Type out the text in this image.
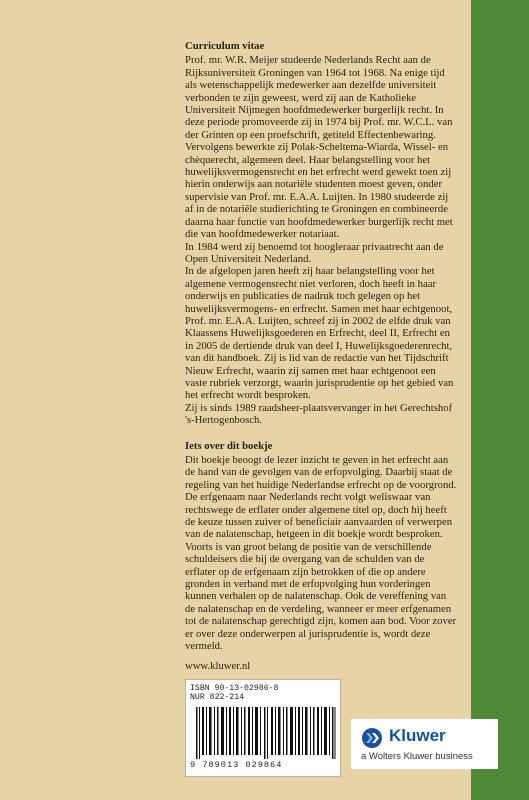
Curriculum vitae

Prof. mr. W.R. Meijer studeerde Nederlands Recht aan de Rijksuniversiteit Groningen van 1964 tot 1968. Na enige tijd als wetenschappelijk medewerker aan dezelfde universiteit verbonden te zijn geweest, werd zij aan de Katholieke Universiteit Nijmegen hoofdmedewerker burgerlijk recht. In deze periode promoveerde zij in 1974 bij Prof. mr. W.C.L. van der Grinten op een proefschrift, getiteld Effectenbewaring. Vervolgens bewerkte zij Polak-Scheltema-Wiarda, Wissel- en chèquerecht, algemeen deel. Haar belangstelling voor het huwelijksvermogensrecht en het erfrecht werd gewekt toen zij hierin onderwijs aan notariële studenten moest geven, onder supervisie van Prof. mr. E.A.A. Luijten. In 1980 studeerde zij af in de notariële studierichting te Groningen en combineerde daarna haar functie van hoofdmedewerker burgerlijk recht met die van hoofdmedewerker notariaat.

In 1984 werd zij benoemd tot hoogleraar privaatrecht aan de Open Universiteit Nederland.

In de afgelopen jaren heeft zij haar belangstelling voor het algemene vermogensrecht niet verloren, doch heeft in haar onderwijs en publicaties de nadruk toch gelegen op het huwelijksvermogens- en erfrecht. Samen met haar echtgenoot, Prof. mr. E.A.A. Luijten, schreef zij in 2002 de elfde druk van Klaassens Huwelijksgoederen en Erfrecht, deel II, Erfrecht en in 2005 de dertiende druk van deel I, Huwelijksgoederenrecht, van dit handboek. Zij is lid van de redactie van het Tijdschrift Nieuw Erfrecht, waarin zij samen met haar echtgenoot een vaste rubriek verzorgt, waarin jurisprudentie op het gebied van het erfrecht wordt besproken.

Zij is sinds 1989 raadsheer-plaatsvervanger in het Gerechtshof 's-Hertogenbosch.

Iets over dit boekje

Dit boekje beoogt de lezer inzicht te geven in het erfrecht aan de hand van de gevolgen van de erfopvolging. Daarbij staat de regeling van het huidige Nederlandse erfrecht op de voorgrond. De erfgenaam naar Nederlands recht volgt weliswaar van rechtswege de erflater onder algemene titel op, doch hij heeft de keuze tussen zuiver of beneficiair aanvaarden of verwerpen van de nalatenschap, hetgeen in dit boekje wordt besproken. Voorts is van groot belang de positie van de verschillende schuldeisers die bij de overgang van de schulden van de erflater op de erfgenaam zijn betrokken of die op andere gronden in verband met de erfopvolging hun vorderingen kunnen verhalen op de nalatenschap. Ook de vereffening van de nalatenschap en de verdeling, wanneer er meer erfgenamen tot de nalatenschap gerechtigd zijn, komen aan bod. Voor zover er over deze onderwerpen al jurisprudentie is, wordt deze vermeld.

www.kluwer.nl
ISBN 90-13-02986-8
NUR 822-214
9 789013 029864
Kluwer
a Wolters Kluwer business
